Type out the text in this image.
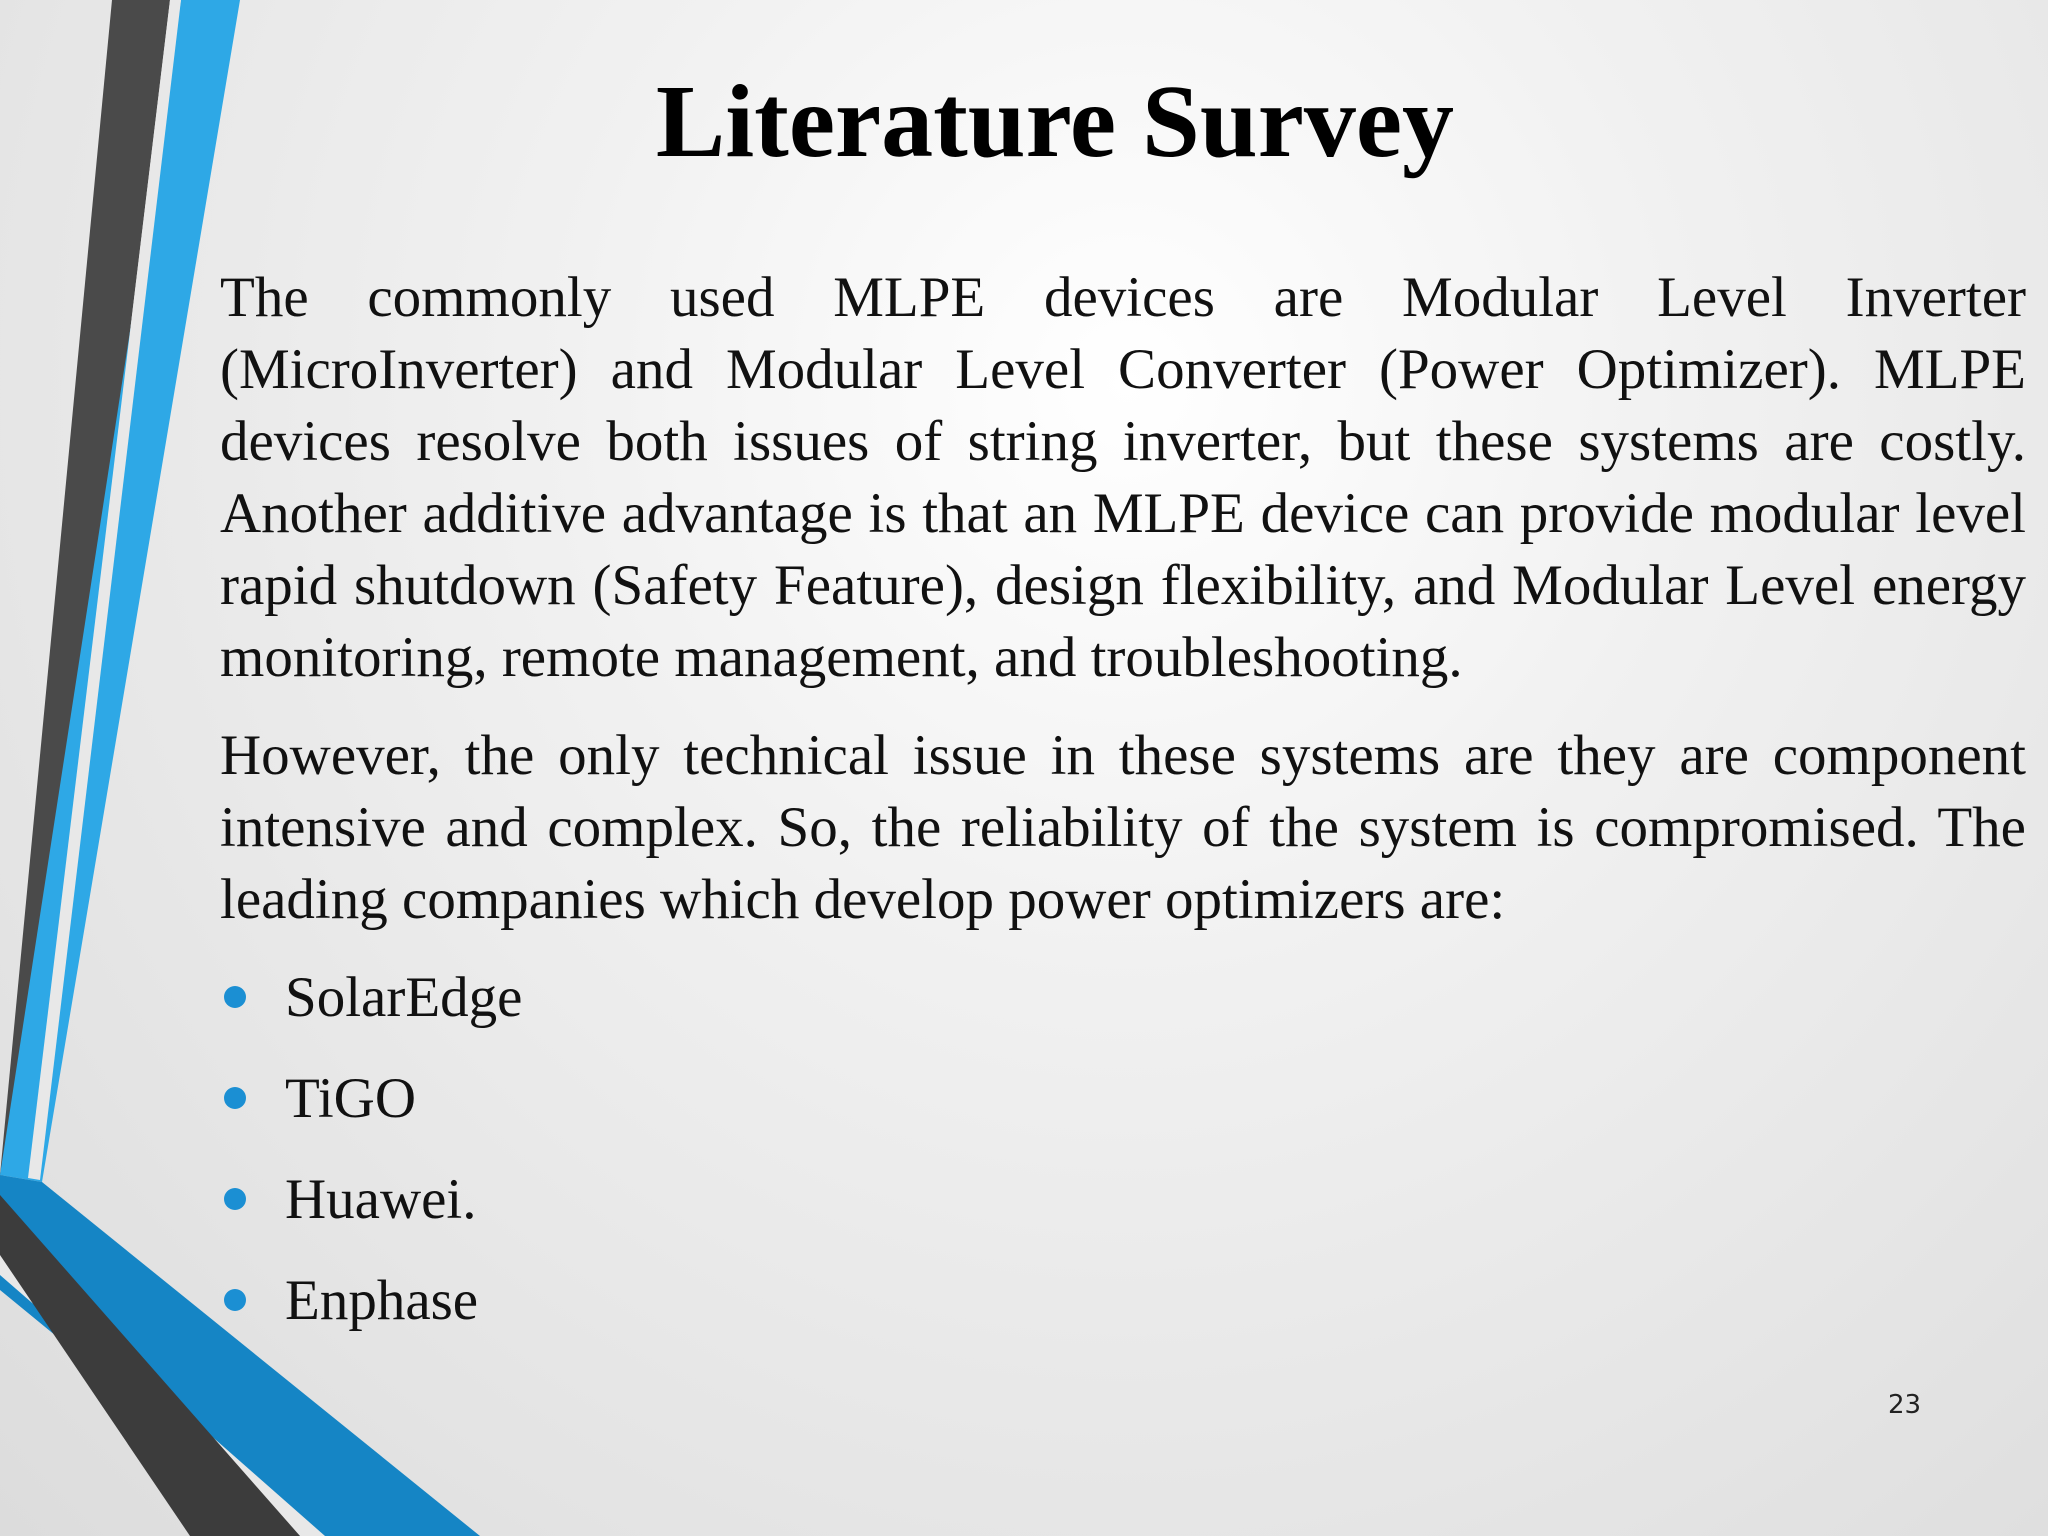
Literature Survey

The commonly used MLPE devices are Modular Level Inverter (MicroInverter) and Modular Level Converter (Power Optimizer). MLPE devices resolve both issues of string inverter, but these systems are costly. Another additive advantage is that an MLPE device can provide modular level rapid shutdown (Safety Feature), design flexibility, and Modular Level energy monitoring, remote management, and troubleshooting.

However, the only technical issue in these systems are they are component intensive and complex. So, the reliability of the system is compromised. The leading companies which develop power optimizers are:

SolarEdge
TiGO
Huawei.
Enphase
23
